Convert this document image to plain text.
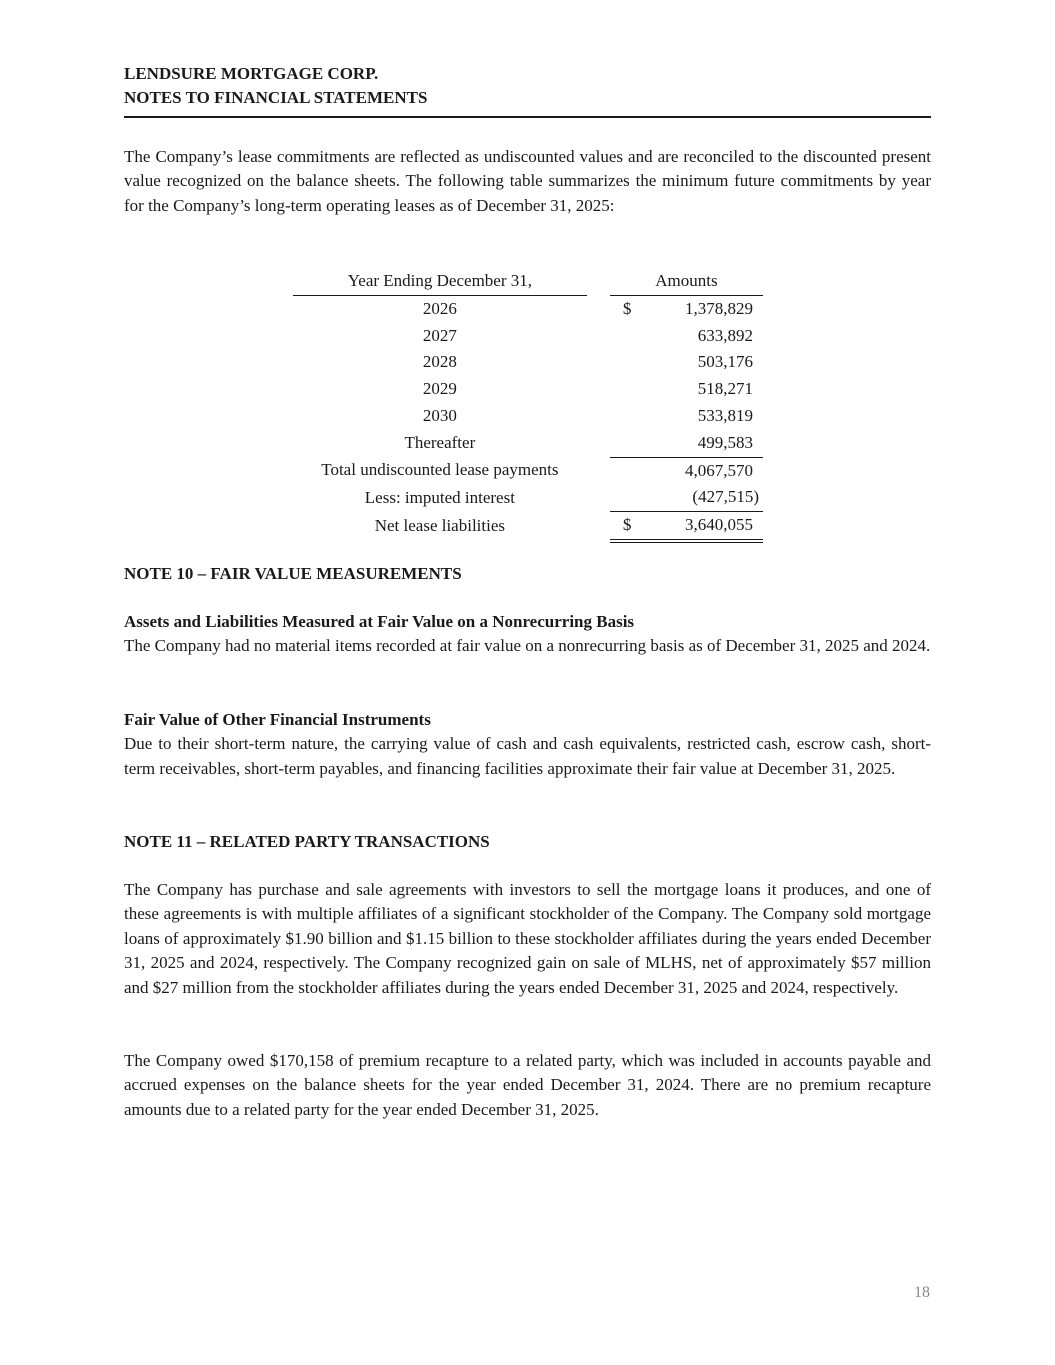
LENDSURE MORTGAGE CORP.
NOTES TO FINANCIAL STATEMENTS
The Company’s lease commitments are reflected as undiscounted values and are reconciled to the discounted present value recognized on the balance sheets. The following table summarizes the minimum future commitments by year for the Company’s long-term operating leases as of December 31, 2025:
Year Ending December 31,		Amounts	
2026		$	1,378,829
2027			633,892
2028			503,176
2029			518,271
2030			533,819
Thereafter			499,583
Total undiscounted lease payments			4,067,570
Less: imputed interest			(427,515)
Net lease liabilities		$	3,640,055
NOTE 10 – FAIR VALUE MEASUREMENTS
Assets and Liabilities Measured at Fair Value on a Nonrecurring Basis
The Company had no material items recorded at fair value on a nonrecurring basis as of December 31, 2025 and 2024.
Fair Value of Other Financial Instruments
Due to their short-term nature, the carrying value of cash and cash equivalents, restricted cash, escrow cash, short-term receivables, short-term payables, and financing facilities approximate their fair value at December 31, 2025.
NOTE 11 – RELATED PARTY TRANSACTIONS
The Company has purchase and sale agreements with investors to sell the mortgage loans it produces, and one of these agreements is with multiple affiliates of a significant stockholder of the Company. The Company sold mortgage loans of approximately $1.90 billion and $1.15 billion to these stockholder affiliates during the years ended December 31, 2025 and 2024, respectively. The Company recognized gain on sale of MLHS, net of approximately $57 million and $27 million from the stockholder affiliates during the years ended December 31, 2025 and 2024, respectively.
The Company owed $170,158 of premium recapture to a related party, which was included in accounts payable and accrued expenses on the balance sheets for the year ended December 31, 2024. There are no premium recapture amounts due to a related party for the year ended December 31, 2025.
18
